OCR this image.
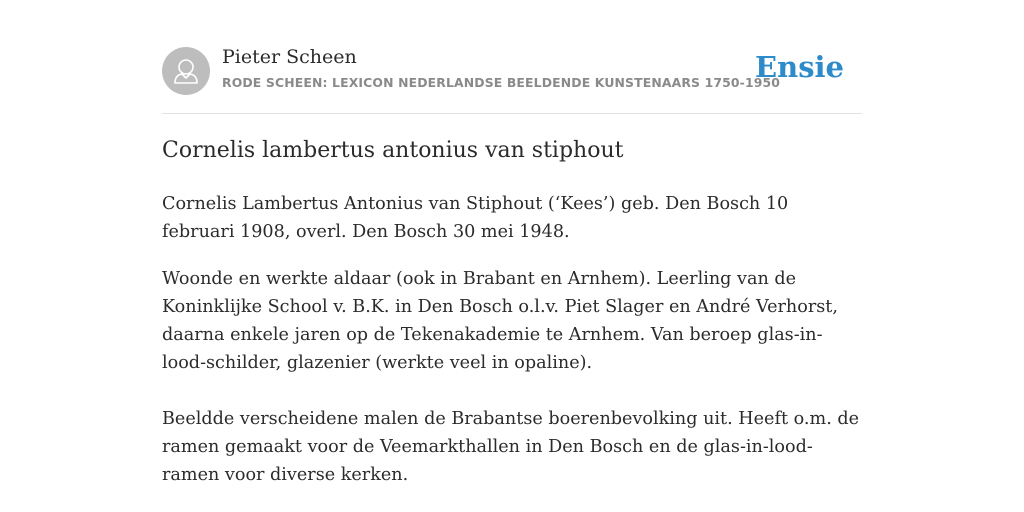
Pieter Scheen
RODE SCHEEN: LEXICON NEDERLANDSE BEELDENDE KUNSTENAARS 1750-1950
Ensie
Cornelis lambertus antonius van stiphout

Cornelis Lambertus Antonius van Stiphout (‘Kees’) geb. Den Bosch 10 februari 1908, overl. Den Bosch 30 mei 1948.

Woonde en werkte aldaar (ook in Brabant en Arnhem). Leerling van de Koninklijke School v. B.K. in Den Bosch o.l.v. Piet Slager en André Verhorst, daarna enkele jaren op de Tekenakademie te Arnhem. Van beroep glas-in-lood-schilder, glazenier (werkte veel in opaline).

Beeldde verscheidene malen de Brabantse boerenbevolking uit. Heeft o.m. de ramen gemaakt voor de Veemarkthallen in Den Bosch en de glas-in-lood-ramen voor diverse kerken.
